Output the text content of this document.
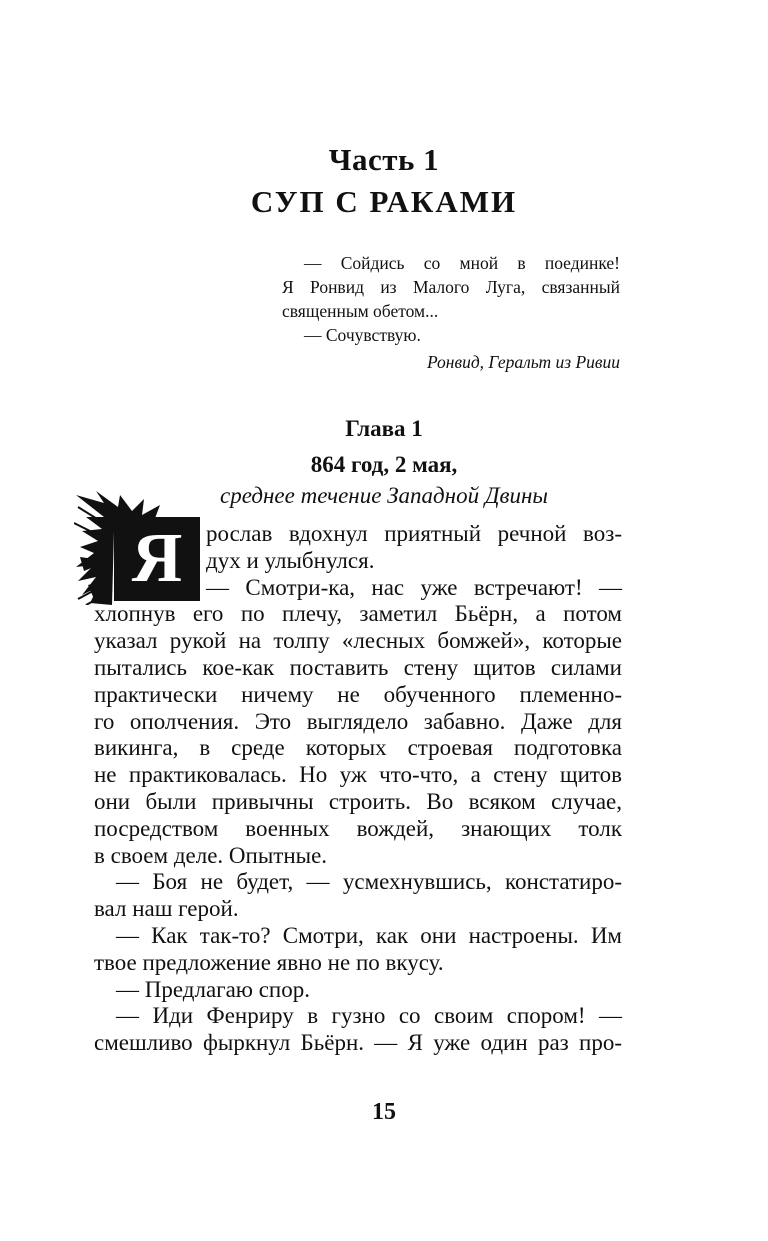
Часть 1
СУП С РАКАМИ
— Сойдись со мной в поединке!
Я Ронвид из Малого Луга, связанный
священным обетом...
— Сочувствую.
Ронвид, Геральт из Ривии
Глава 1
864 год, 2 мая,
среднее течение Западной Двины
Я	рослав вдохнул приятный речной воз-
дух и улыбнулся.
— Смотри-ка, нас уже встречают! —
хлопнув его по плечу, заметил Бьёрн, а потом
указал рукой на толпу «лесных бомжей», которые
пытались кое-как поставить стену щитов силами
практически ничему не обученного племенно-
го ополчения. Это выглядело забавно. Даже для
викинга, в среде которых строевая подготовка
не практиковалась. Но уж что-что, а стену щитов
они были привычны строить. Во всяком случае,
посредством военных вождей, знающих толк
в своем деле. Опытные.
— Боя не будет, — усмехнувшись, констатиро-
вал наш герой.
— Как так-то? Смотри, как они настроены. Им
твое предложение явно не по вкусу.
— Предлагаю спор.
— Иди Фенриру в гузно со своим спором! —
смешливо фыркнул Бьёрн. — Я уже один раз про-
15
